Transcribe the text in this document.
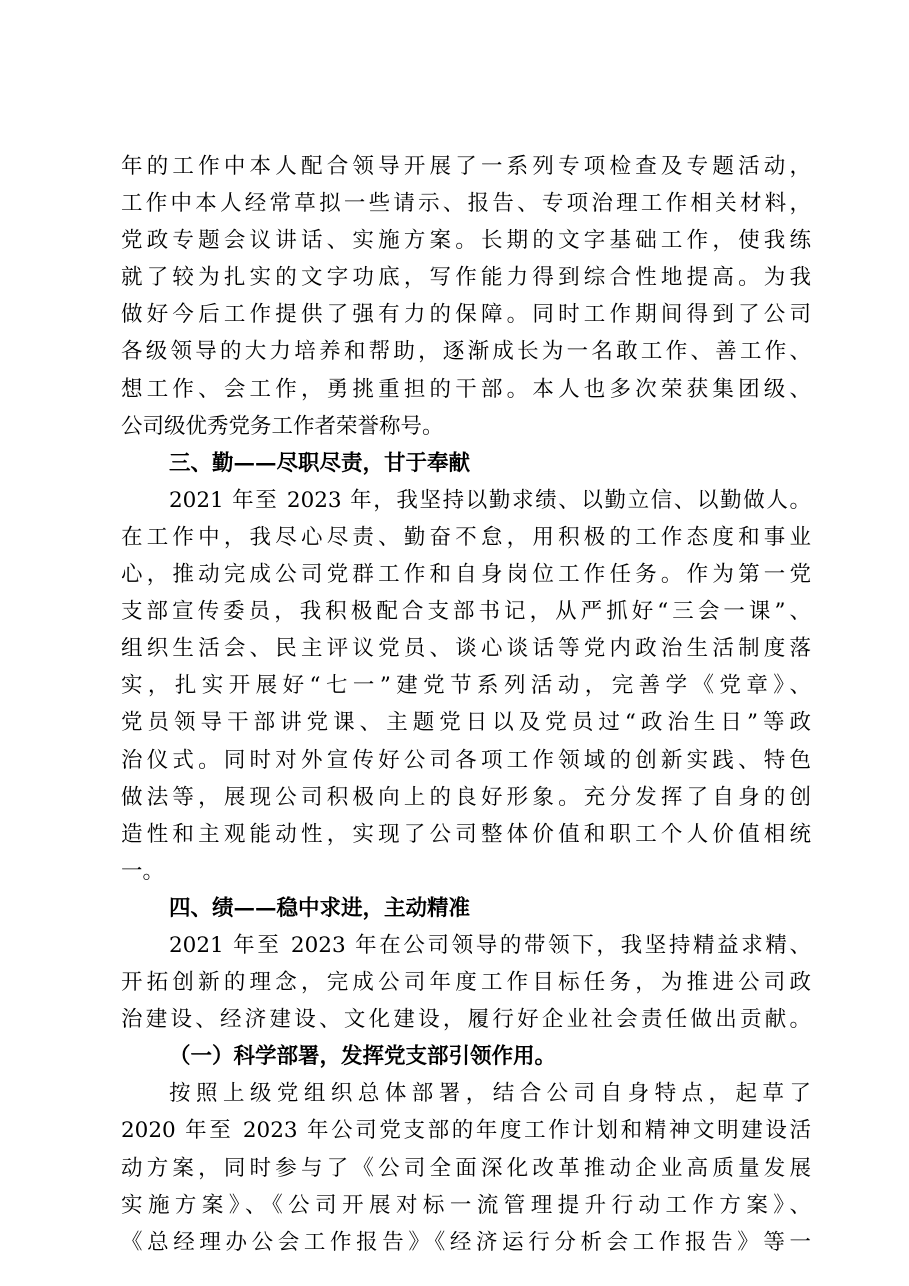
年的工作中本人配合领导开展了一系列专项检查及专题活动，
工作中本人经常草拟一些请示、报告、专项治理工作相关材料，
党政专题会议讲话、实施方案。长期的文字基础工作，使我练
就了较为扎实的文字功底，写作能力得到综合性地提高。为我
做好今后工作提供了强有力的保障。同时工作期间得到了公司
各级领导的大力培养和帮助，逐渐成长为一名敢工作、善工作、
想工作、会工作，勇挑重担的干部。本人也多次荣获集团级、
公司级优秀党务工作者荣誉称号。
三、勤——尽职尽责，甘于奉献
2021 年至 2023 年，我坚持以勤求绩、以勤立信、以勤做人。
在工作中，我尽心尽责、勤奋不怠，用积极的工作态度和事业
心，推动完成公司党群工作和自身岗位工作任务。作为第一党
支部宣传委员，我积极配合支部书记，从严抓好“三会一课”、
组织生活会、民主评议党员、谈心谈话等党内政治生活制度落
实，扎实开展好“七一”建党节系列活动，完善学《党章》、
党员领导干部讲党课、主题党日以及党员过“政治生日”等政
治仪式。同时对外宣传好公司各项工作领域的创新实践、特色
做法等，展现公司积极向上的良好形象。充分发挥了自身的创
造性和主观能动性，实现了公司整体价值和职工个人价值相统
一。
四、绩——稳中求进，主动精准
2021 年至 2023 年在公司领导的带领下，我坚持精益求精、
开拓创新的理念，完成公司年度工作目标任务，为推进公司政
治建设、经济建设、文化建设，履行好企业社会责任做出贡献。
（一）科学部署，发挥党支部引领作用。
按照上级党组织总体部署，结合公司自身特点，起草了
2020 年至 2023 年公司党支部的年度工作计划和精神文明建设活
动方案，同时参与了《公司全面深化改革推动企业高质量发展
实施方案》、《公司开展对标一流管理提升行动工作方案》、
《总经理办公会工作报告》《经济运行分析会工作报告》等一
